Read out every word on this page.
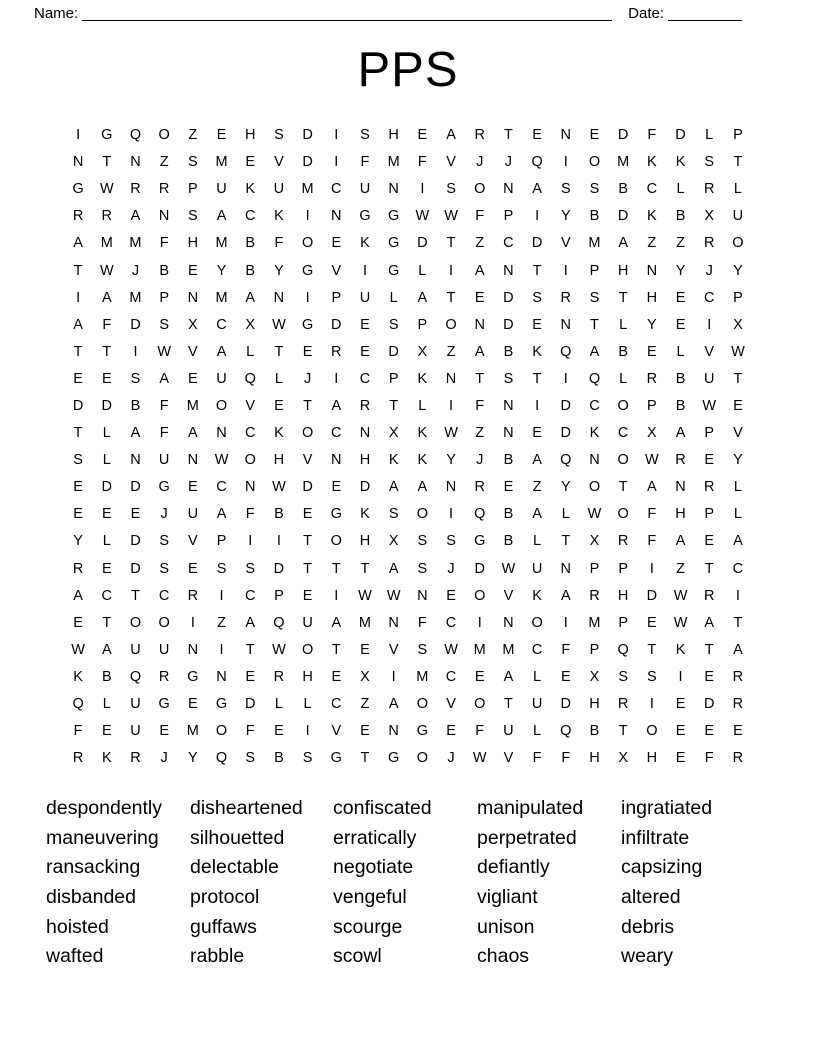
Name:	Date:
PPS
I	G	Q	O	Z	E	H	S	D	I	S	H	E	A	R	T	E	N	E	D	F	D	L	P
N	T	N	Z	S	M	E	V	D	I	F	M	F	V	J	J	Q	I	O	M	K	K	S	T
G	W	R	R	P	U	K	U	M	C	U	N	I	S	O	N	A	S	S	B	C	L	R	L
R	R	A	N	S	A	C	K	I	N	G	G	W	W	F	P	I	Y	B	D	K	B	X	U
A	M	M	F	H	M	B	F	O	E	K	G	D	T	Z	C	D	V	M	A	Z	Z	R	O
T	W	J	B	E	Y	B	Y	G	V	I	G	L	I	A	N	T	I	P	H	N	Y	J	Y
I	A	M	P	N	M	A	N	I	P	U	L	A	T	E	D	S	R	S	T	H	E	C	P
A	F	D	S	X	C	X	W	G	D	E	S	P	O	N	D	E	N	T	L	Y	E	I	X
T	T	I	W	V	A	L	T	E	R	E	D	X	Z	A	B	K	Q	A	B	E	L	V	W
E	E	S	A	E	U	Q	L	J	I	C	P	K	N	T	S	T	I	Q	L	R	B	U	T
D	D	B	F	M	O	V	E	T	A	R	T	L	I	F	N	I	D	C	O	P	B	W	E
T	L	A	F	A	N	C	K	O	C	N	X	K	W	Z	N	E	D	K	C	X	A	P	V
S	L	N	U	N	W	O	H	V	N	H	K	K	Y	J	B	A	Q	N	O	W	R	E	Y
E	D	D	G	E	C	N	W	D	E	D	A	A	N	R	E	Z	Y	O	T	A	N	R	L
E	E	E	J	U	A	F	B	E	G	K	S	O	I	Q	B	A	L	W	O	F	H	P	L
Y	L	D	S	V	P	I	I	T	O	H	X	S	S	G	B	L	T	X	R	F	A	E	A
R	E	D	S	E	S	S	D	T	T	T	A	S	J	D	W	U	N	P	P	I	Z	T	C
A	C	T	C	R	I	C	P	E	I	W	W	N	E	O	V	K	A	R	H	D	W	R	I
E	T	O	O	I	Z	A	Q	U	A	M	N	F	C	I	N	O	I	M	P	E	W	A	T
W	A	U	U	N	I	T	W	O	T	E	V	S	W	M	M	C	F	P	Q	T	K	T	A
K	B	Q	R	G	N	E	R	H	E	X	I	M	C	E	A	L	E	X	S	S	I	E	R
Q	L	U	G	E	G	D	L	L	C	Z	A	O	V	O	T	U	D	H	R	I	E	D	R
F	E	U	E	M	O	F	E	I	V	E	N	G	E	F	U	L	Q	B	T	O	E	E	E
R	K	R	J	Y	Q	S	B	S	G	T	G	O	J	W	V	F	F	H	X	H	E	F	R
despondently
maneuvering
ransacking
disbanded
hoisted
wafted
disheartened
silhouetted
delectable
protocol
guffaws
rabble
confiscated
erratically
negotiate
vengeful
scourge
scowl
manipulated
perpetrated
defiantly
vigliant
unison
chaos
ingratiated
infiltrate
capsizing
altered
debris
weary
